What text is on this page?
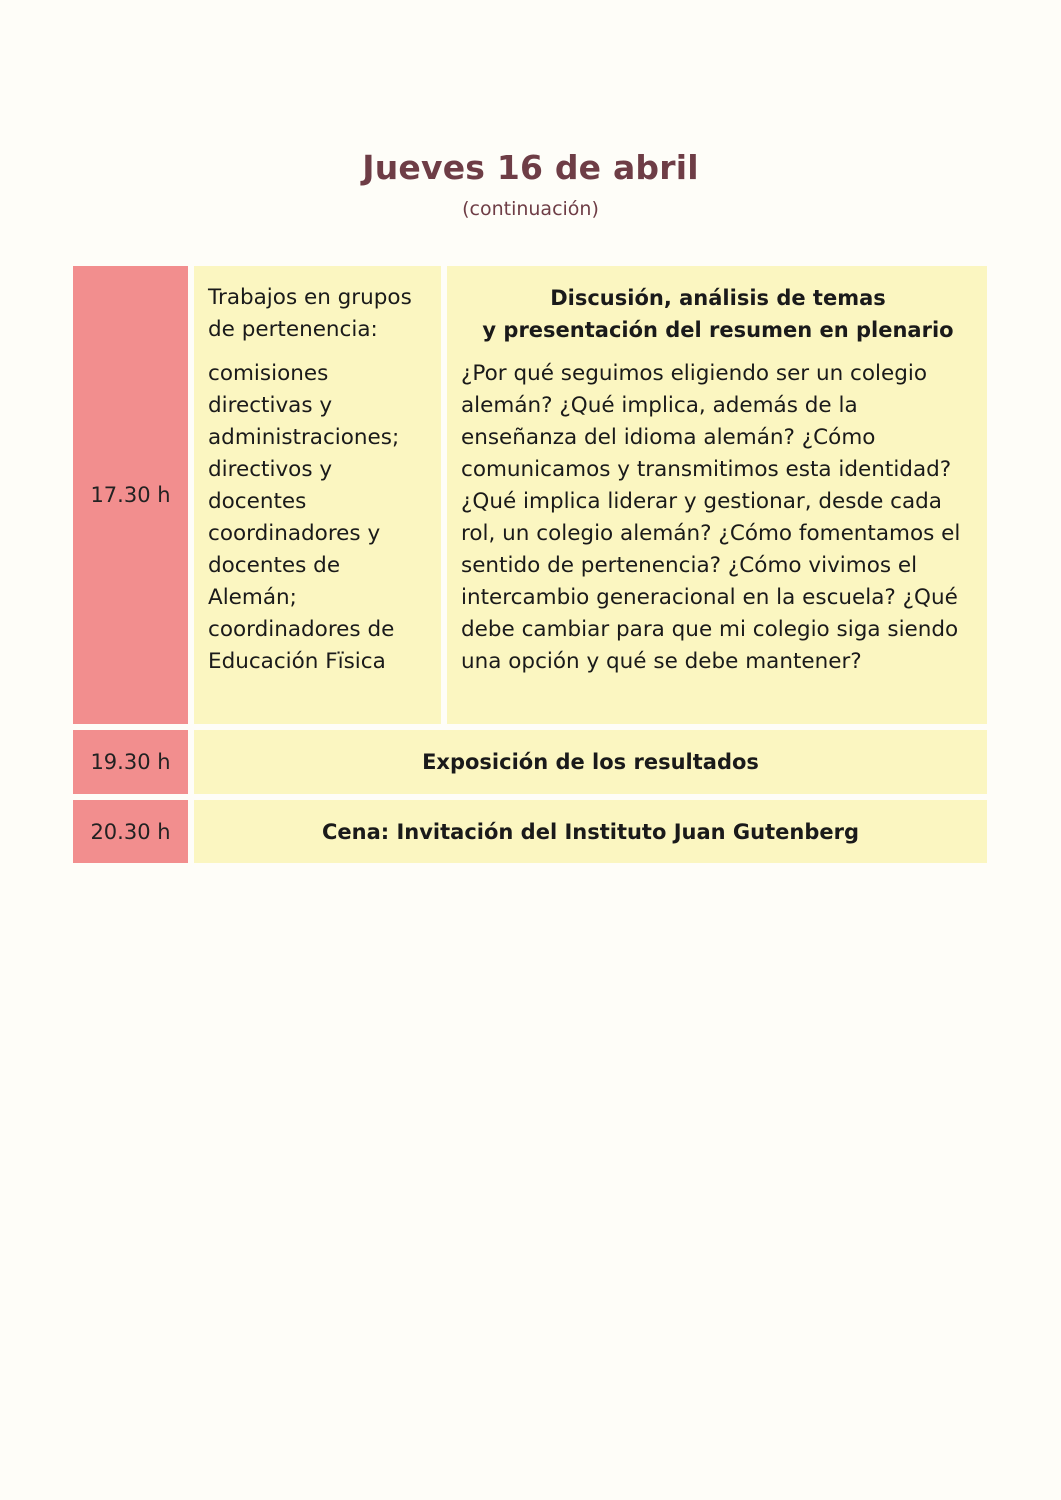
Jueves 16 de abril
(continuación)
17.30 h

Trabajos en grupos de pertenencia:

comisiones directivas y administraciones; directivos y docentes coordinadores y docentes de Alemán; coordinadores de Educación Fïsica

Discusión, análisis de temas

y presentación del resumen en plenario

¿Por qué seguimos eligiendo ser un colegio alemán? ¿Qué implica, además de la enseñanza del idioma alemán? ¿Cómo comunicamos y transmitimos esta identidad? ¿Qué implica liderar y gestionar, desde cada rol, un colegio alemán? ¿Cómo fomentamos el sentido de pertenencia? ¿Cómo vivimos el intercambio generacional en la escuela? ¿Qué debe cambiar para que mi colegio siga siendo una opción y qué se debe mantener?

19.30 h	Exposición de los resultados
20.30 h	Cena: Invitación del Instituto Juan Gutenberg
